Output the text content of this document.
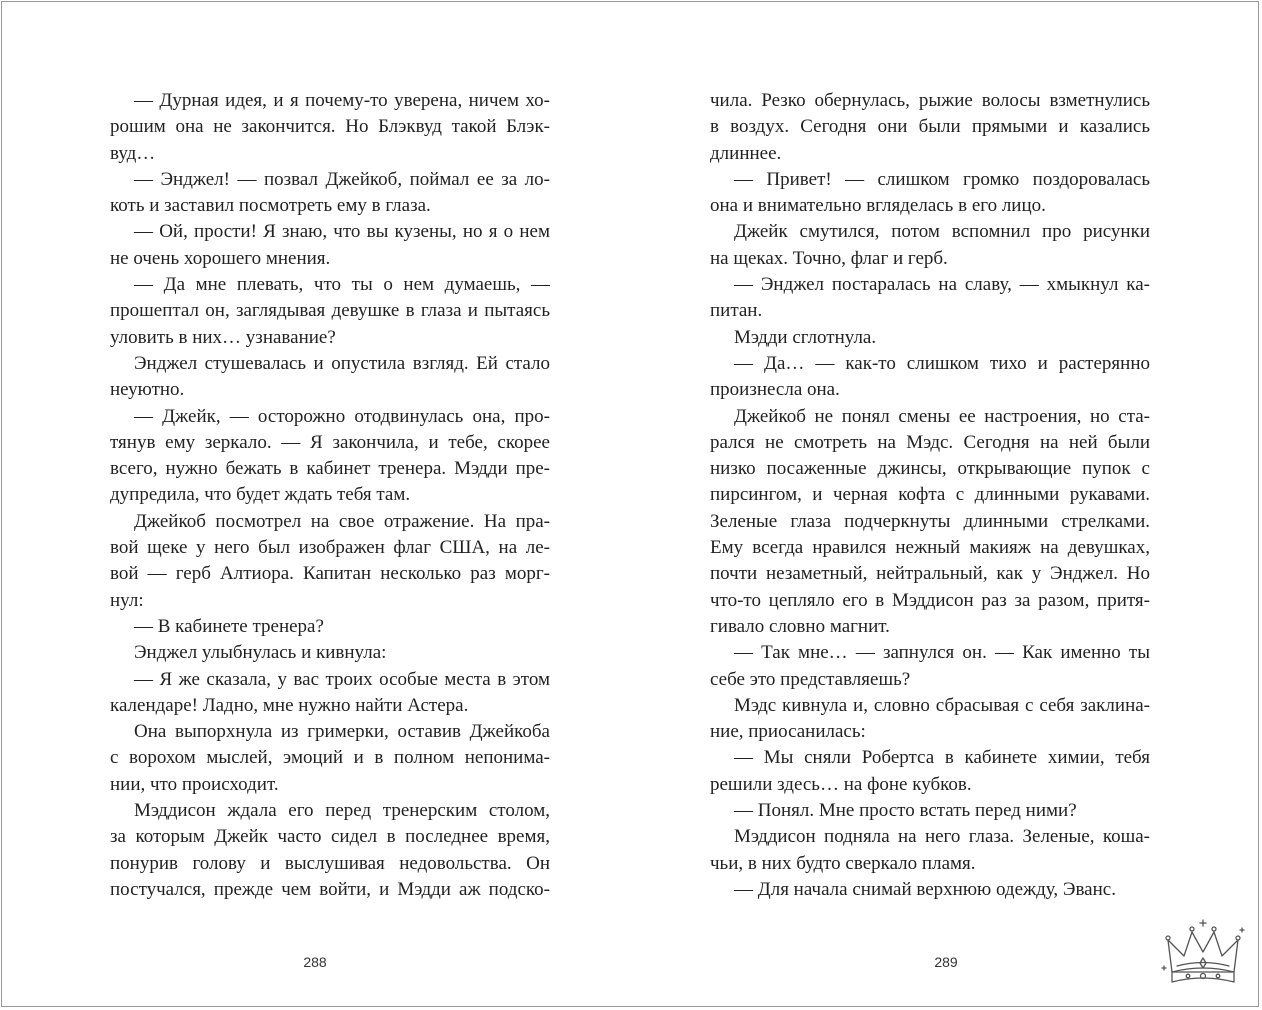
— Дурная идея, и я почему-то уверена, ничем хо-
рошим она не закончится. Но Блэквуд такой Блэк-
вуд…
— Энджел! — позвал Джейкоб, поймал ее за ло-
коть и заставил посмотреть ему в глаза.
— Ой, прости! Я знаю, что вы кузены, но я о нем
не очень хорошего мнения.
— Да мне плевать, что ты о нем думаешь, —
прошептал он, заглядывая девушке в глаза и пытаясь
уловить в них… узнавание?
Энджел стушевалась и опустила взгляд. Ей стало
неуютно.
— Джейк, — осторожно отодвинулась она, про-
тянув ему зеркало. — Я закончила, и тебе, скорее
всего, нужно бежать в кабинет тренера. Мэдди пре-
дупредила, что будет ждать тебя там.
Джейкоб посмотрел на свое отражение. На пра-
вой щеке у него был изображен флаг США, на ле-
вой — герб Алтиора. Капитан несколько раз морг-
нул:
— В кабинете тренера?
Энджел улыбнулась и кивнула:
— Я же сказала, у вас троих особые места в этом
календаре! Ладно, мне нужно найти Астера.
Она выпорхнула из гримерки, оставив Джейкоба
с ворохом мыслей, эмоций и в полном непонима-
нии, что происходит.
Мэддисон ждала его перед тренерским столом,
за которым Джейк часто сидел в последнее время,
понурив голову и выслушивая недовольства. Он
постучался, прежде чем войти, и Мэдди аж подско-
чила. Резко обернулась, рыжие волосы взметнулись
в воздух. Сегодня они были прямыми и казались
длиннее.
— Привет! — слишком громко поздоровалась
она и внимательно вгляделась в его лицо.
Джейк смутился, потом вспомнил про рисунки
на щеках. Точно, флаг и герб.
— Энджел постаралась на славу, — хмыкнул ка-
питан.
Мэдди сглотнула.
— Да… — как-то слишком тихо и растерянно
произнесла она.
Джейкоб не понял смены ее настроения, но ста-
рался не смотреть на Мэдс. Сегодня на ней были
низко посаженные джинсы, открывающие пупок с
пирсингом, и черная кофта с длинными рукавами.
Зеленые глаза подчеркнуты длинными стрелками.
Ему всегда нравился нежный макияж на девушках,
почти незаметный, нейтральный, как у Энджел. Но
что-то цепляло его в Мэддисон раз за разом, притя-
гивало словно магнит.
— Так мне… — запнулся он. — Как именно ты
себе это представляешь?
Мэдс кивнула и, словно сбрасывая с себя заклина-
ние, приосанилась:
— Мы сняли Робертса в кабинете химии, тебя
решили здесь… на фоне кубков.
— Понял. Мне просто встать перед ними?
Мэддисон подняла на него глаза. Зеленые, коша-
чьи, в них будто сверкало пламя.
— Для начала снимай верхнюю одежду, Эванс.
288	289
